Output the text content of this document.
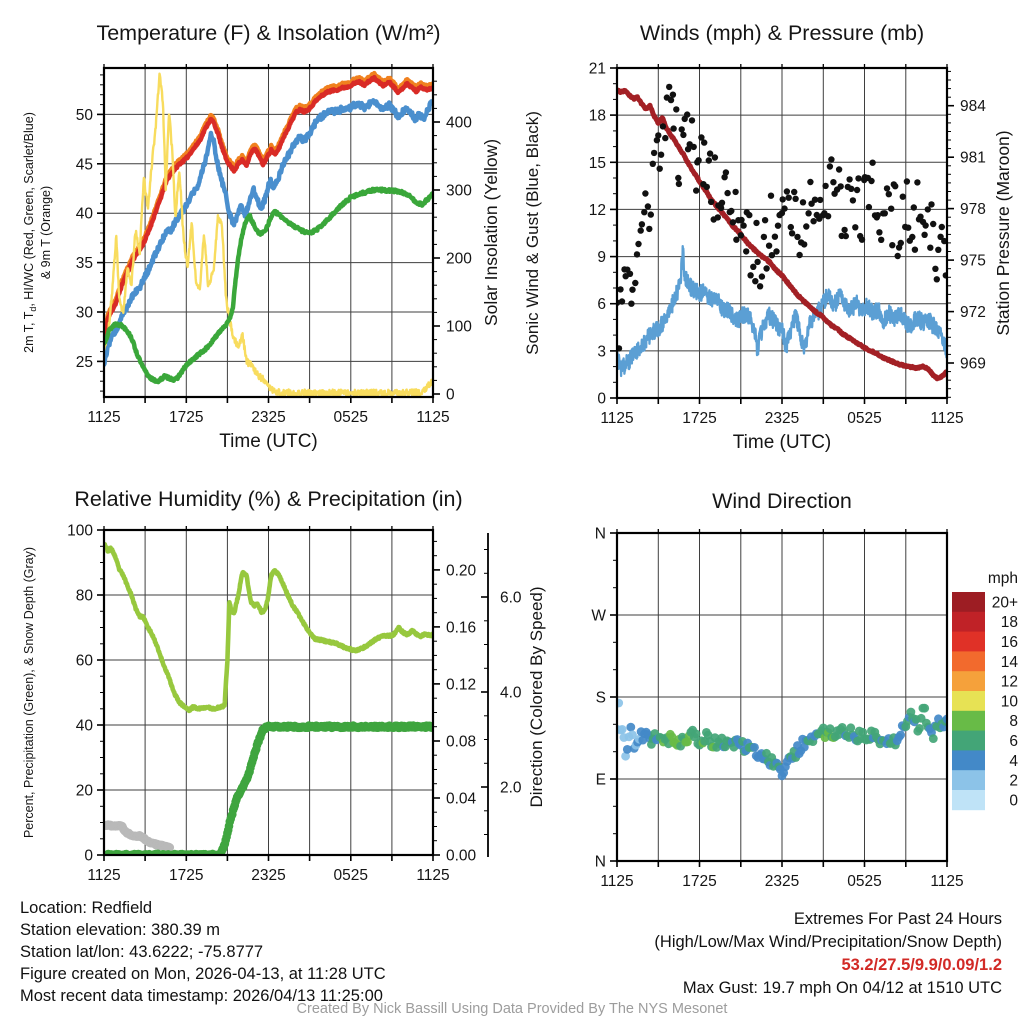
1125	1725	2325	0525	1125
Time (UTC)
25
30
35
40
45
50
0
100
200
300
400
2m T, $T_d$, HI/WC (Red, Green, Scarlet/Blue) & 9m T (Orange)	Solar Insolation (Yellow)
Temperature (F) & Insolation (W/m²)
1125	1725	2325	0525	1125
Time (UTC)
0
3
6
9
12
15
18
21
969
972
975
978
981
984
Sonic Wind & Gust (Blue, Black)	Station Pressure (Maroon)
Winds (mph) & Pressure (mb)
1125	1725	2325	0525	1125
0
20
40
60
80
100
0.00
0.04
0.08
0.12
0.16
0.20
2.0
4.0
6.0
Percent, Precipitation (Green), & Snow Depth (Gray)
Relative Humidity (%) & Precipitation (in)
1125	1725	2325	0525	1125
N
E
S
W
N
20+
18
16
14
12
10
8
6
4
2
0
mph
Direction (Colored By Speed)
Wind Direction
Location: Redfield
Station elevation: 380.39 m
Station lat/lon: 43.6222; -75.8777
Figure created on Mon, 2026-04-13, at 11:28 UTC
Most recent data timestamp: 2026/04/13 11:25:00
Extremes For Past 24 Hours
(High/Low/Max Wind/Precipitation/Snow Depth)
53.2/27.5/9.9/0.09/1.2
Max Gust: 19.7 mph On 04/12 at 1510 UTC
Created By Nick Bassill Using Data Provided By The NYS Mesonet
